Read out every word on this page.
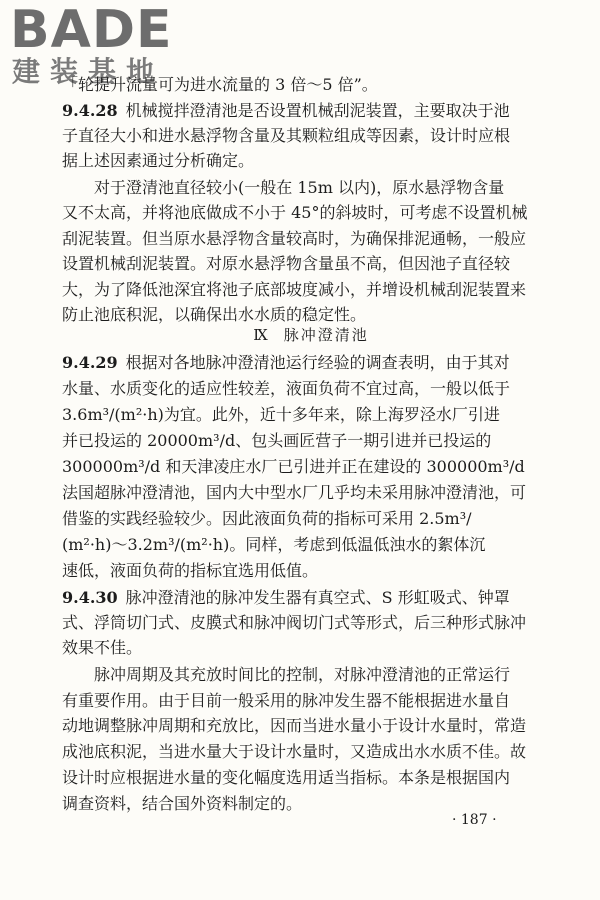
BADE
建装基地

「轮提升流量可为进水流量的 3 倍～5 倍”。

9.4.28 机械搅拌澄清池是否设置机械刮泥装置，主要取决于池

子直径大小和进水悬浮物含量及其颗粒组成等因素，设计时应根

据上述因素通过分析确定。

对于澄清池直径较小(一般在 15m 以内)，原水悬浮物含量

又不太高，并将池底做成不小于 45°的斜坡时，可考虑不设置机械

刮泥装置。但当原水悬浮物含量较高时，为确保排泥通畅，一般应

设置机械刮泥装置。对原水悬浮物含量虽不高，但因池子直径较

大，为了降低池深宜将池子底部坡度减小，并增设机械刮泥装置来

防止池底积泥，以确保出水水质的稳定性。

Ⅸ 脉冲澄清池

9.4.29 根据对各地脉冲澄清池运行经验的调查表明，由于其对

水量、水质变化的适应性较差，液面负荷不宜过高，一般以低于

3.6m³/(m²·h)为宜。此外，近十多年来，除上海罗泾水厂引进

并已投运的 20000m³/d、包头画匠营子一期引进并已投运的

300000m³/d 和天津凌庄水厂已引进并正在建设的 300000m³/d

法国超脉冲澄清池，国内大中型水厂几乎均未采用脉冲澄清池，可

借鉴的实践经验较少。因此液面负荷的指标可采用 2.5m³/

(m²·h)～3.2m³/(m²·h)。同样，考虑到低温低浊水的絮体沉

速低，液面负荷的指标宜选用低值。

9.4.30 脉冲澄清池的脉冲发生器有真空式、S 形虹吸式、钟罩

式、浮筒切门式、皮膜式和脉冲阀切门式等形式，后三种形式脉冲

效果不佳。

脉冲周期及其充放时间比的控制，对脉冲澄清池的正常运行

有重要作用。由于目前一般采用的脉冲发生器不能根据进水量自

动地调整脉冲周期和充放比，因而当进水量小于设计水量时，常造

成池底积泥，当进水量大于设计水量时，又造成出水水质不佳。故

设计时应根据进水量的变化幅度选用适当指标。本条是根据国内

调查资料，结合国外资料制定的。

· 187 ·
